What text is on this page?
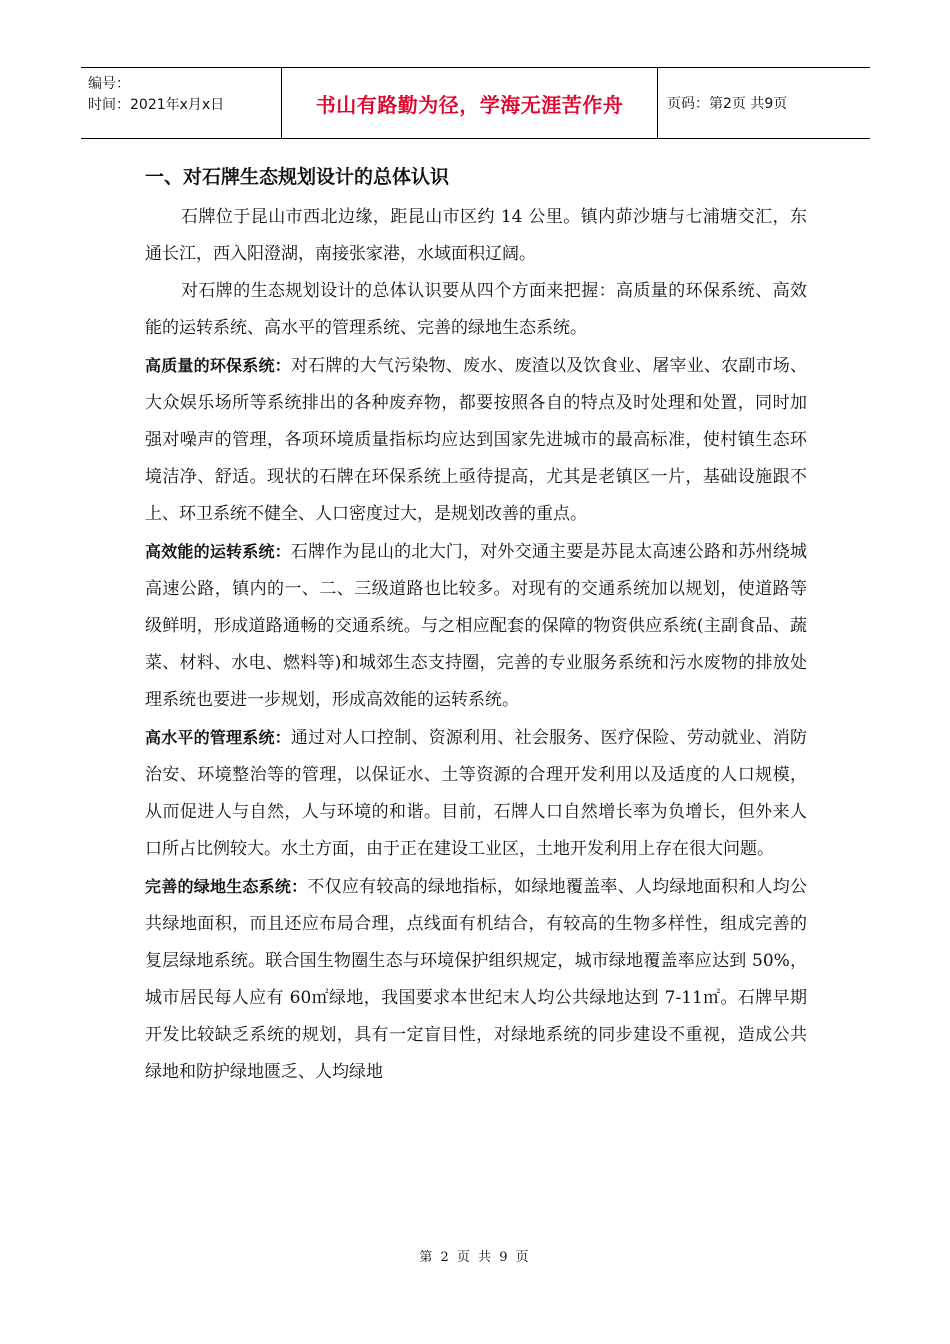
编号：
时间：2021年x月x日	书山有路勤为径，学海无涯苦作舟	页码：第2页 共9页
一、对石牌生态规划设计的总体认识

石牌位于昆山市西北边缘，距昆山市区约 14 公里。镇内茆沙塘与七浦塘交汇，东通长江，西入阳澄湖，南接张家港，水域面积辽阔。

对石牌的生态规划设计的总体认识要从四个方面来把握：高质量的环保系统、高效能的运转系统、高水平的管理系统、完善的绿地生态系统。

高质量的环保系统：对石牌的大气污染物、废水、废渣以及饮食业、屠宰业、农副市场、大众娱乐场所等系统排出的各种废弃物，都要按照各自的特点及时处理和处置，同时加强对噪声的管理，各项环境质量指标均应达到国家先进城市的最高标准，使村镇生态环境洁净、舒适。现状的石牌在环保系统上亟待提高，尤其是老镇区一片，基础设施跟不上、环卫系统不健全、人口密度过大，是规划改善的重点。

高效能的运转系统：石牌作为昆山的北大门，对外交通主要是苏昆太高速公路和苏州绕城高速公路，镇内的一、二、三级道路也比较多。对现有的交通系统加以规划，使道路等级鲜明，形成道路通畅的交通系统。与之相应配套的保障的物资供应系统(主副食品、蔬菜、材料、水电、燃料等)和城郊生态支持圈，完善的专业服务系统和污水废物的排放处理系统也要进一步规划，形成高效能的运转系统。

高水平的管理系统：通过对人口控制、资源利用、社会服务、医疗保险、劳动就业、消防治安、环境整治等的管理，以保证水、土等资源的合理开发利用以及适度的人口规模，从而促进人与自然，人与环境的和谐。目前，石牌人口自然增长率为负增长，但外来人口所占比例较大。水土方面，由于正在建设工业区，土地开发利用上存在很大问题。

完善的绿地生态系统：不仅应有较高的绿地指标，如绿地覆盖率、人均绿地面积和人均公共绿地面积，而且还应布局合理，点线面有机结合，有较高的生物多样性，组成完善的复层绿地系统。联合国生物圈生态与环境保护组织规定，城市绿地覆盖率应达到 50%，城市居民每人应有 60㎡绿地，我国要求本世纪末人均公共绿地达到 7-11㎡。石牌早期开发比较缺乏系统的规划，具有一定盲目性，对绿地系统的同步建设不重视，造成公共绿地和防护绿地匮乏、人均绿地

第 2 页 共 9 页
